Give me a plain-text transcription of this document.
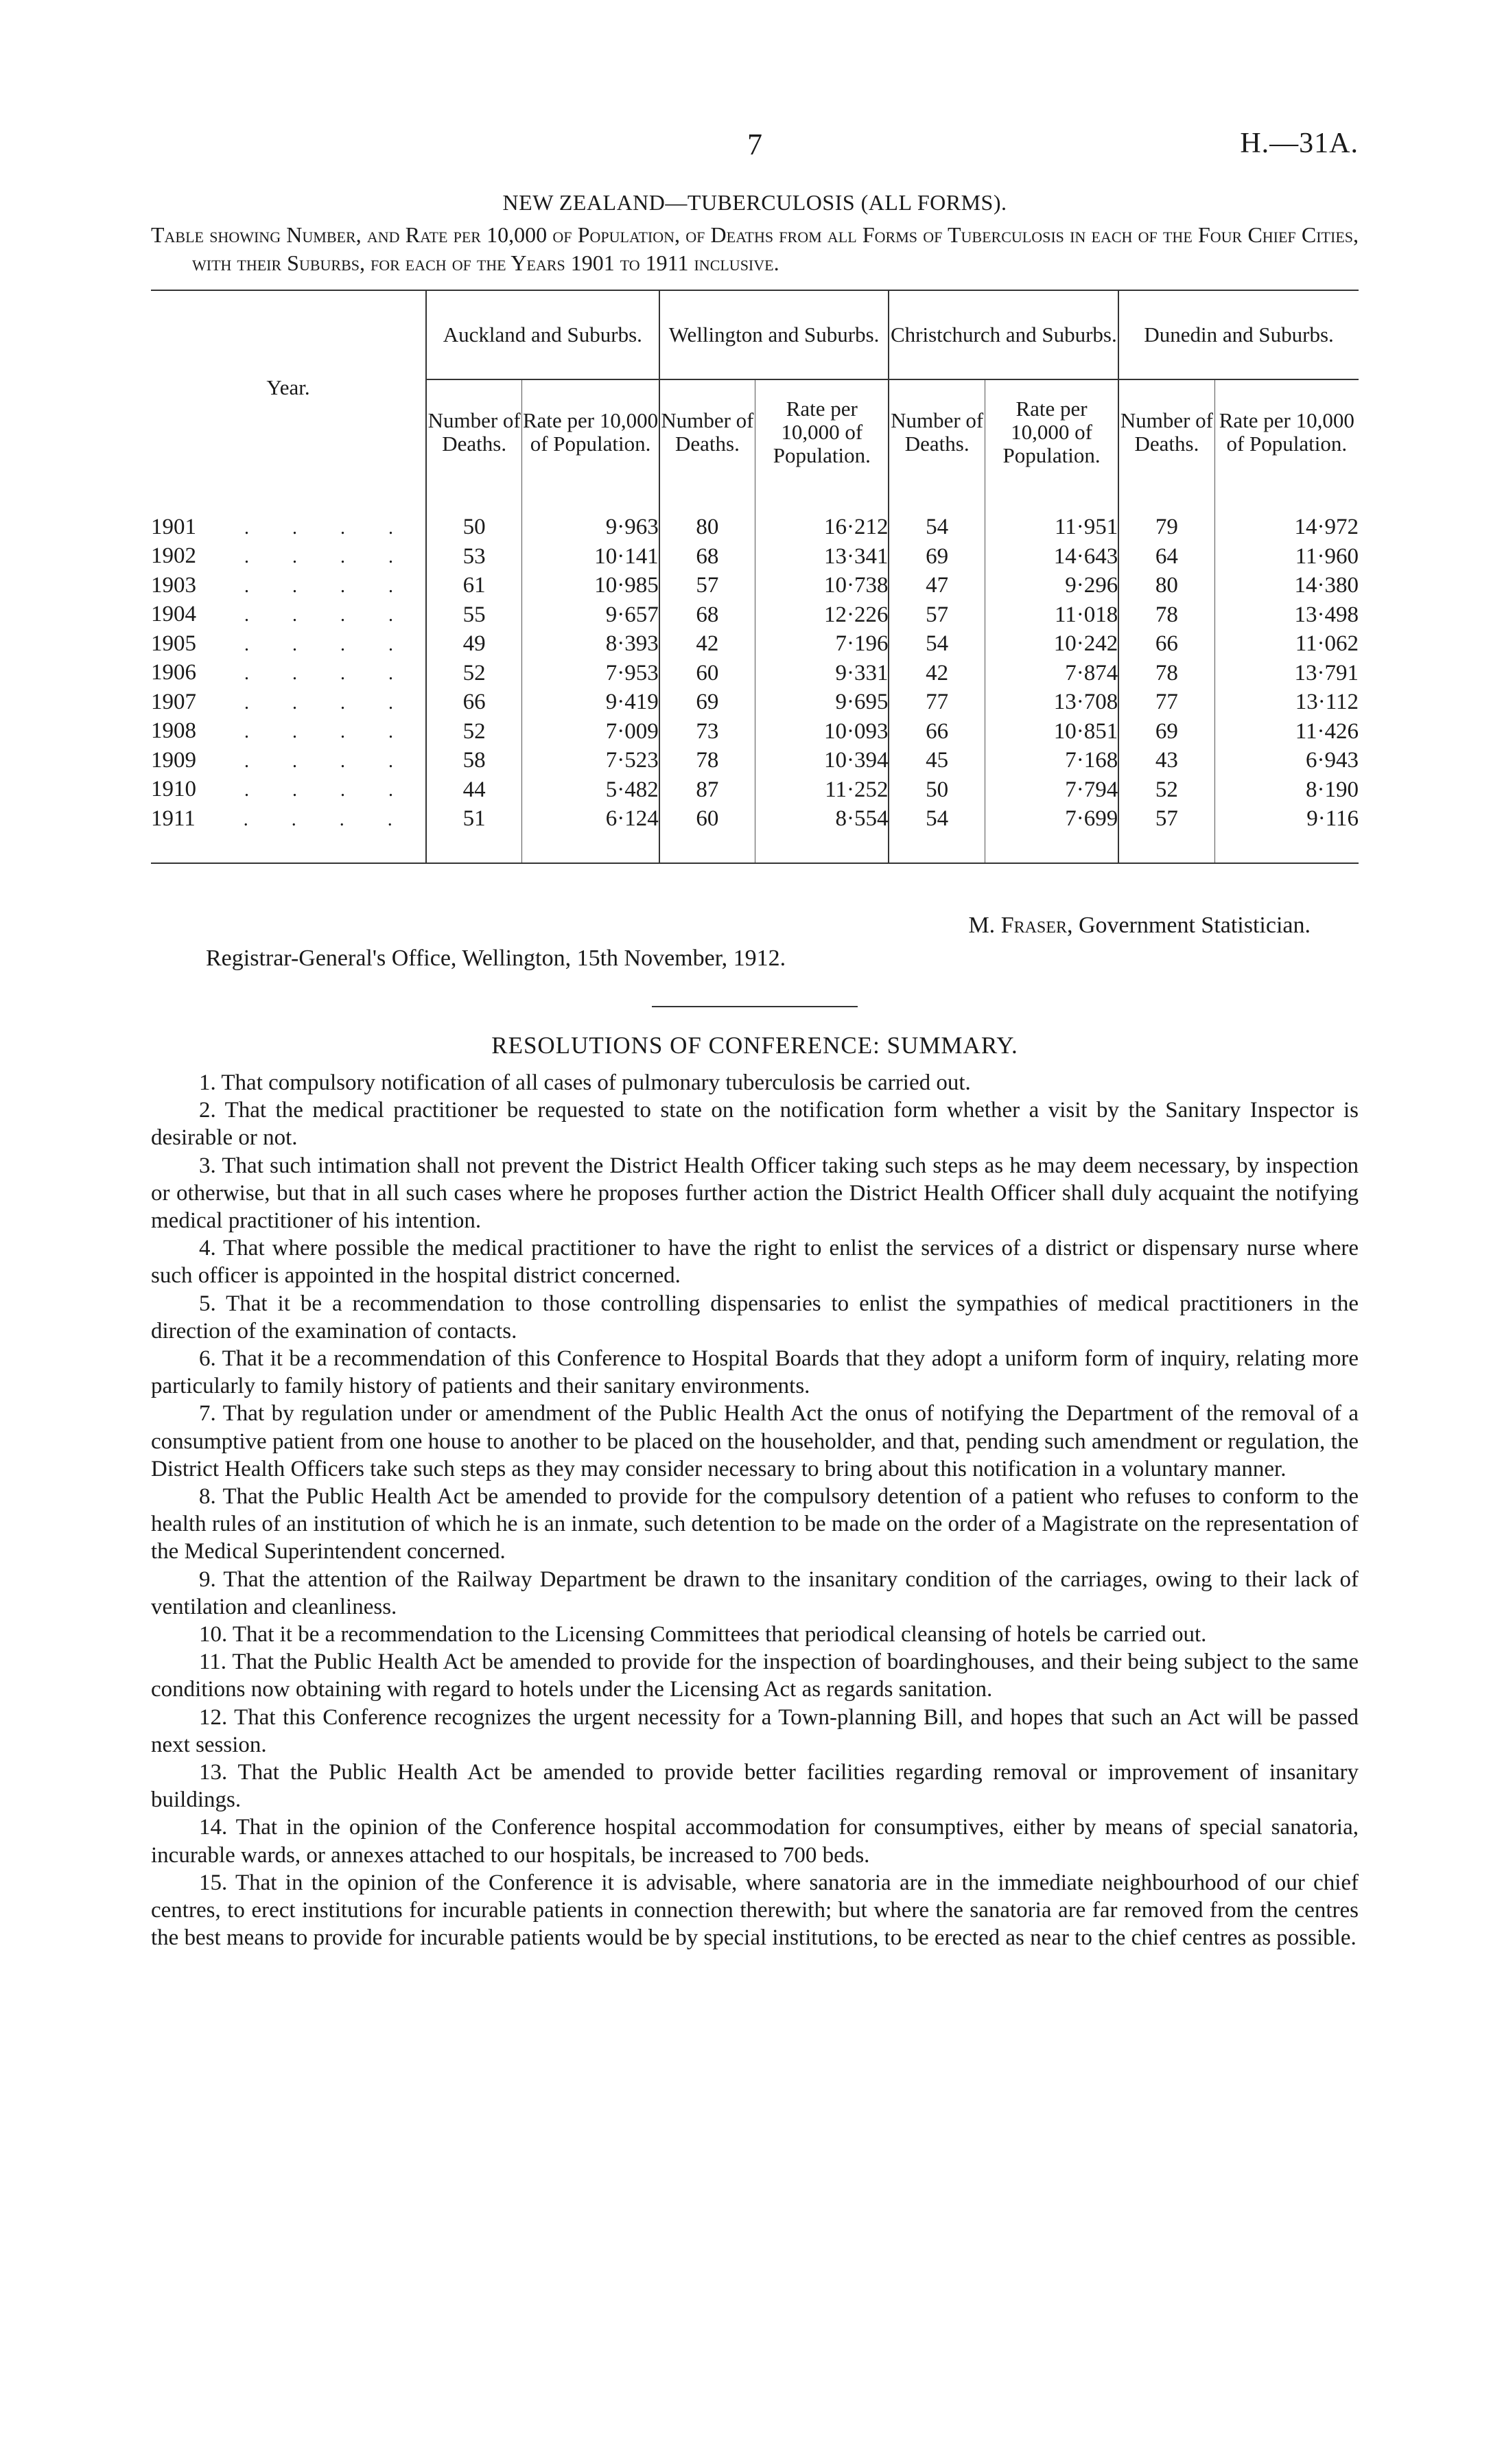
7	H.—31A.
NEW ZEALAND—TUBERCULOSIS (ALL FORMS).
Table showing Number, and Rate per 10,000 of Population, of Deaths from all Forms of Tuberculosis in each of the Four Chief Cities, with their Suburbs, for each of the Years 1901 to 1911 inclusive.

Year.	Auckland and Suburbs.		Wellington and Suburbs.		Christchurch and Suburbs.		Dunedin and Suburbs.	
	Number of Deaths.	Rate per 10,000 of Population.	Number of Deaths.	Rate per 10,000 of Population.	Number of Deaths.	Rate per 10,000 of Population.	Number of Deaths.	Rate per 10,000 of Population.

1901 . . . .	50	9·963	80	16·212	54	11·951	79	14·972
1902 . . . .	53	10·141	68	13·341	69	14·643	64	11·960
1903 . . . .	61	10·985	57	10·738	47	9·296	80	14·380
1904 . . . .	55	9·657	68	12·226	57	11·018	78	13·498
1905 . . . .	49	8·393	42	7·196	54	10·242	66	11·062
1906 . . . .	52	7·953	60	9·331	42	7·874	78	13·791
1907 . . . .	66	9·419	69	9·695	77	13·708	77	13·112
1908 . . . .	52	7·009	73	10·093	66	10·851	69	11·426
1909 . . . .	58	7·523	78	10·394	45	7·168	43	6·943
1910 . . . .	44	5·482	87	11·252	50	7·794	52	8·190
1911 . . . .	51	6·124	60	8·554	54	7·699	57	9·116

M. Fraser, Government Statistician.
Registrar-General's Office, Wellington, 15th November, 1912.
RESOLUTIONS OF CONFERENCE: SUMMARY.

1. That compulsory notification of all cases of pulmonary tuberculosis be carried out.

2. That the medical practitioner be requested to state on the notification form whether a visit by the Sanitary Inspector is desirable or not.

3. That such intimation shall not prevent the District Health Officer taking such steps as he may deem necessary, by inspection or otherwise, but that in all such cases where he proposes further action the District Health Officer shall duly acquaint the notifying medical practitioner of his intention.

4. That where possible the medical practitioner to have the right to enlist the services of a district or dispensary nurse where such officer is appointed in the hospital district concerned.

5. That it be a recommendation to those controlling dispensaries to enlist the sympathies of medical practitioners in the direction of the examination of contacts.

6. That it be a recommendation of this Conference to Hospital Boards that they adopt a uniform form of inquiry, relating more particularly to family history of patients and their sanitary environments.

7. That by regulation under or amendment of the Public Health Act the onus of notifying the Department of the removal of a consumptive patient from one house to another to be placed on the householder, and that, pending such amendment or regulation, the District Health Officers take such steps as they may consider necessary to bring about this notification in a voluntary manner.

8. That the Public Health Act be amended to provide for the compulsory detention of a patient who refuses to conform to the health rules of an institution of which he is an inmate, such detention to be made on the order of a Magistrate on the representation of the Medical Superintendent concerned.

9. That the attention of the Railway Department be drawn to the insanitary condition of the carriages, owing to their lack of ventilation and cleanliness.

10. That it be a recommendation to the Licensing Committees that periodical cleansing of hotels be carried out.

11. That the Public Health Act be amended to provide for the inspection of boardinghouses, and their being subject to the same conditions now obtaining with regard to hotels under the Licensing Act as regards sanitation.

12. That this Conference recognizes the urgent necessity for a Town-planning Bill, and hopes that such an Act will be passed next session.

13. That the Public Health Act be amended to provide better facilities regarding removal or improvement of insanitary buildings.

14. That in the opinion of the Conference hospital accommodation for consumptives, either by means of special sanatoria, incurable wards, or annexes attached to our hospitals, be increased to 700 beds.

15. That in the opinion of the Conference it is advisable, where sanatoria are in the immediate neighbourhood of our chief centres, to erect institutions for incurable patients in connection therewith; but where the sanatoria are far removed from the centres the best means to provide for incurable patients would be by special institutions, to be erected as near to the chief centres as possible.
